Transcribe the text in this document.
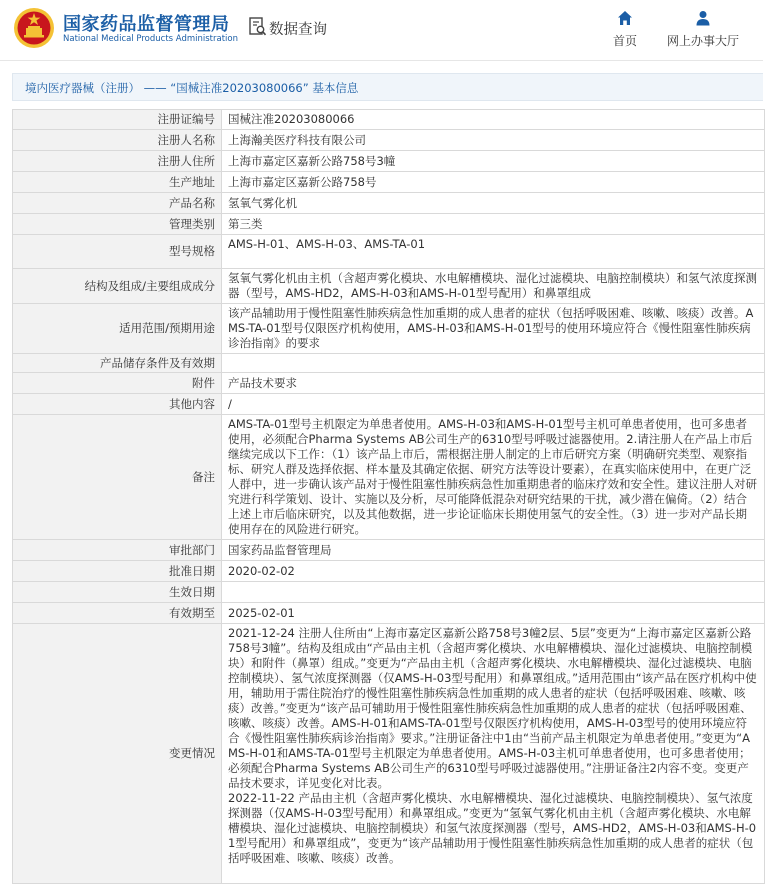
国家药品监督管理局
National Medical Products Administration
数据查询
首页	网上办事大厅
境内医疗器械（注册） —— “国械注准20203080066” 基本信息
注册证编号	国械注准20203080066
注册人名称	上海瀚美医疗科技有限公司
注册人住所	上海市嘉定区嘉新公路758号3幢
生产地址	上海市嘉定区嘉新公路758号
产品名称	氢氧气雾化机
管理类别	第三类
型号规格	AMS-H-01、AMS-H-03、AMS-TA-01
结构及组成/主要组成成分	氢氧气雾化机由主机（含超声雾化模块、水电解槽模块、湿化过滤模块、电脑控制模块）和氢气浓度探测器（型号，AMS-HD2，AMS-H-03和AMS-H-01型号配用）和鼻罩组成
适用范围/预期用途	该产品辅助用于慢性阻塞性肺疾病急性加重期的成人患者的症状（包括呼吸困难、咳嗽、咳痰）改善。AMS-TA-01型号仅限医疗机构使用，AMS-H-03和AMS-H-01型号的使用环境应符合《慢性阻塞性肺疾病诊治指南》的要求
产品储存条件及有效期	
附件	产品技术要求
其他内容	/
备注	AMS-TA-01型号主机限定为单患者使用。AMS-H-03和AMS-H-01型号主机可单患者使用，也可多患者使用，必须配合Pharma Systems AB公司生产的6310型号呼吸过滤器使用。2.请注册人在产品上市后继续完成以下工作：（1）该产品上市后，需根据注册人制定的上市后研究方案（明确研究类型、观察指标、研究人群及选择依据、样本量及其确定依据、研究方法等设计要素），在真实临床使用中，在更广泛人群中，进一步确认该产品对于慢性阻塞性肺疾病急性加重期患者的临床疗效和安全性。建议注册人对研究进行科学策划、设计、实施以及分析，尽可能降低混杂对研究结果的干扰，减少潜在偏倚。（2）结合上述上市后临床研究，以及其他数据，进一步论证临床长期使用氢气的安全性。（3）进一步对产品长期使用存在的风险进行研究。
审批部门	国家药品监督管理局
批准日期	2020-02-02
生效日期	
有效期至	2025-02-01
变更情况	2021-12-24 注册人住所由“上海市嘉定区嘉新公路758号3幢2层、5层”变更为“上海市嘉定区嘉新公路758号3幢”。结构及组成由“产品由主机（含超声雾化模块、水电解槽模块、湿化过滤模块、电脑控制模块）和附件（鼻罩）组成。”变更为“产品由主机（含超声雾化模块、水电解槽模块、湿化过滤模块、电脑控制模块）、氢气浓度探测器（仅AMS-H-03型号配用）和鼻罩组成。”适用范围由“该产品在医疗机构中使用，辅助用于需住院治疗的慢性阻塞性肺疾病急性加重期的成人患者的症状（包括呼吸困难、咳嗽、咳痰）改善。”变更为“该产品可辅助用于慢性阻塞性肺疾病急性加重期的成人患者的症状（包括呼吸困难、咳嗽、咳痰）改善。AMS-H-01和AMS-TA-01型号仅限医疗机构使用，AMS-H-03型号的使用环境应符合《慢性阻塞性肺疾病诊治指南》要求。”注册证备注中1由“当前产品主机限定为单患者使用。”变更为“AMS-H-01和AMS-TA-01型号主机限定为单患者使用。AMS-H-03主机可单患者使用，也可多患者使用；必须配合Pharma Systems AB公司生产的6310型号呼吸过滤器使用。”注册证备注2内容不变。变更产品技术要求，详见变化对比表。
2022-11-22 产品由主机（含超声雾化模块、水电解槽模块、湿化过滤模块、电脑控制模块）、氢气浓度探测器（仅AMS-H-03型号配用）和鼻罩组成。”变更为“氢氧气雾化机由主机（含超声雾化模块、水电解槽模块、湿化过滤模块、电脑控制模块）和氢气浓度探测器（型号，AMS-HD2，AMS-H-03和AMS-H-01型号配用）和鼻罩组成”，变更为“该产品辅助用于慢性阻塞性肺疾病急性加重期的成人患者的症状（包括呼吸困难、咳嗽、咳痰）改善。
